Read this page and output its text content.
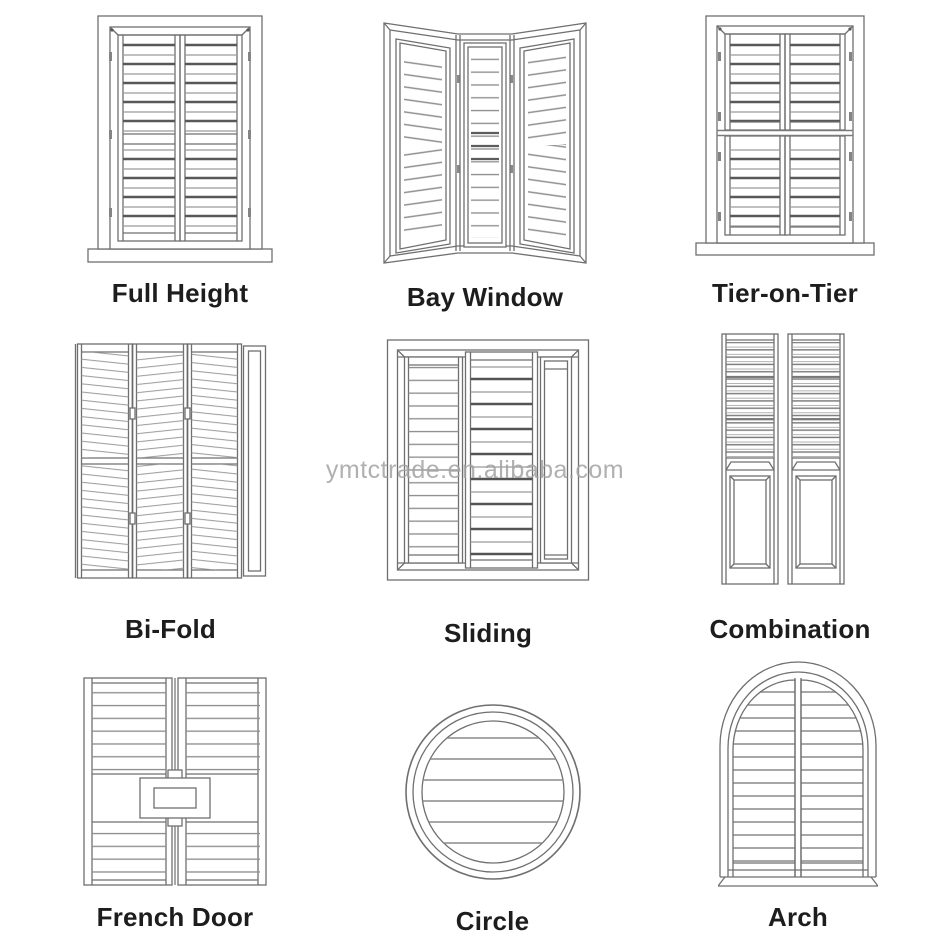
ymtctrade.en.alibaba.com
Full Height	Bay Window	Tier-on-Tier
Bi-Fold	Sliding	Combination
French Door	Circle	Arch
